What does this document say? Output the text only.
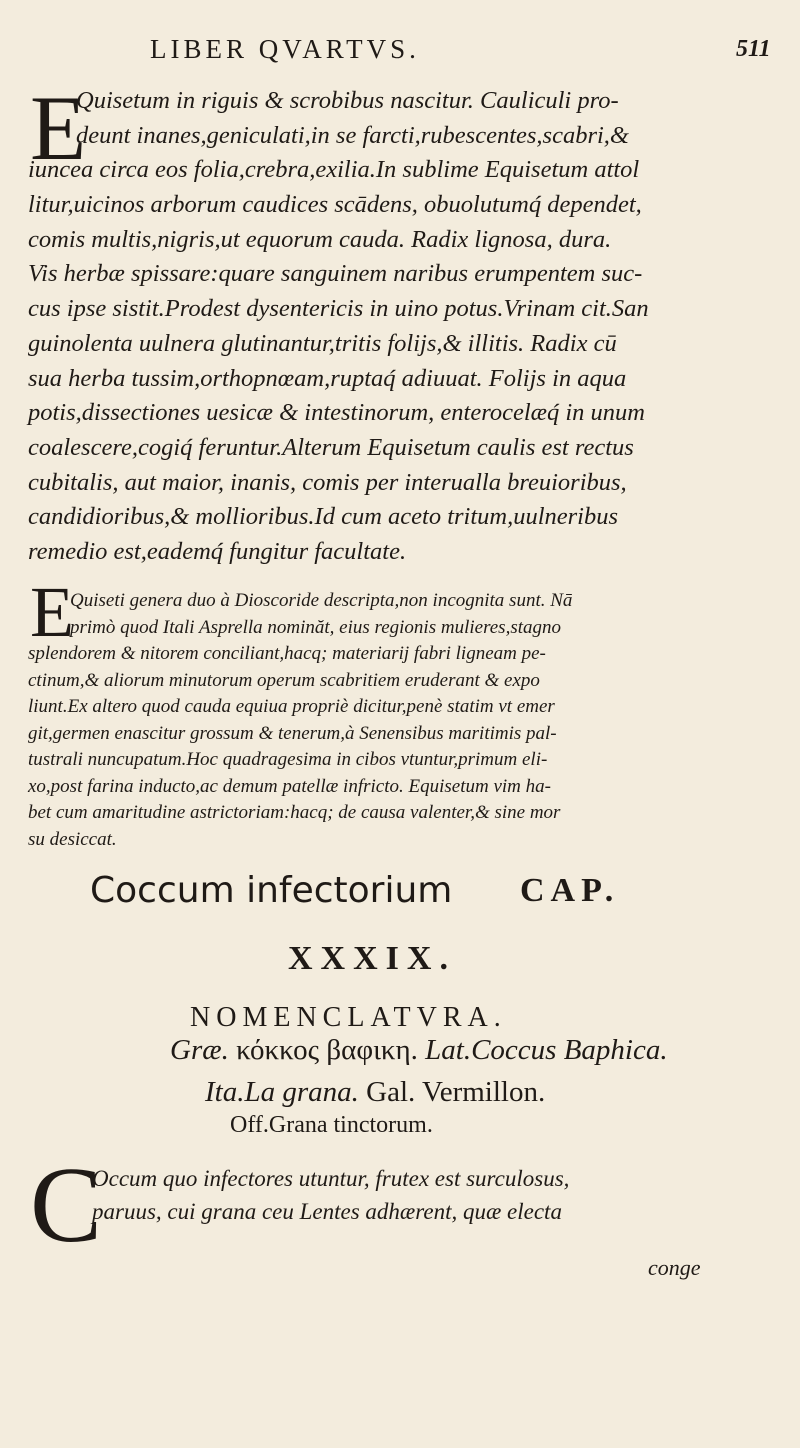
LIBER QVARTVS.	511
E
Quisetum in riguis & scrobibus nascitur. Cauliculi pro-
deunt inanes,geniculati,in se farcti,rubescentes,scabri,&
iuncea circa eos folia,crebra,exilia.In sublime Equisetum attol
litur,uicinos arborum caudices scādens, obuolutumq́ dependet,
comis multis,nigris,ut equorum cauda. Radix lignosa, dura.
Vis herbæ spissare:quare sanguinem naribus erumpentem suc-
cus ipse sistit.Prodest dysentericis in uino potus.Vrinam cit.San
guinolenta uulnera glutinantur,tritis folijs,& illitis. Radix cū
sua herba tussim,orthopnœam,ruptaq́ adiuuat. Folijs in aqua
potis,dissectiones uesicæ & intestinorum, enterocelæq́ in unum
coalescere,cogiq́ feruntur.Alterum Equisetum caulis est rectus
cubitalis, aut maior, inanis, comis per interualla breuioribus,
candidioribus,& mollioribus.Id cum aceto tritum,uulneribus
remedio est,eademq́ fungitur facultate.
E
Quiseti genera duo à Dioscoride descripta,non incognita sunt. Nā
primò quod Itali Asprella nominăt, eius regionis mulieres,stagno
splendorem & nitorem conciliant,hacq; materiarij fabri ligneam pe-
ctinum,& aliorum minutorum operum scabritiem eruderant & expo
liunt.Ex altero quod cauda equiua propriè dicitur,penè statim vt emer
git,germen enascitur grossum & tenerum,à Senensibus maritimis pal-
tustrali nuncupatum.Hoc quadragesima in cibos vtuntur,primum eli-
xo,post farina inducto,ac demum patellæ infricto. Equisetum vim ha-
bet cum amaritudine astrictoriam:hacq; de causa valenter,& sine mor
su desiccat.
Coccum infectorium CAP.
XXXIX.
NOMENCLATVRA.
Græ. κόκκος βαφικη. Lat.Coccus Baphica.
Ita.La grana. Gal. Vermillon.
Off.Grana tinctorum.
C
Occum quo infectores utuntur, frutex est surculosus,
paruus, cui grana ceu Lentes adhærent, quæ electa
conge
